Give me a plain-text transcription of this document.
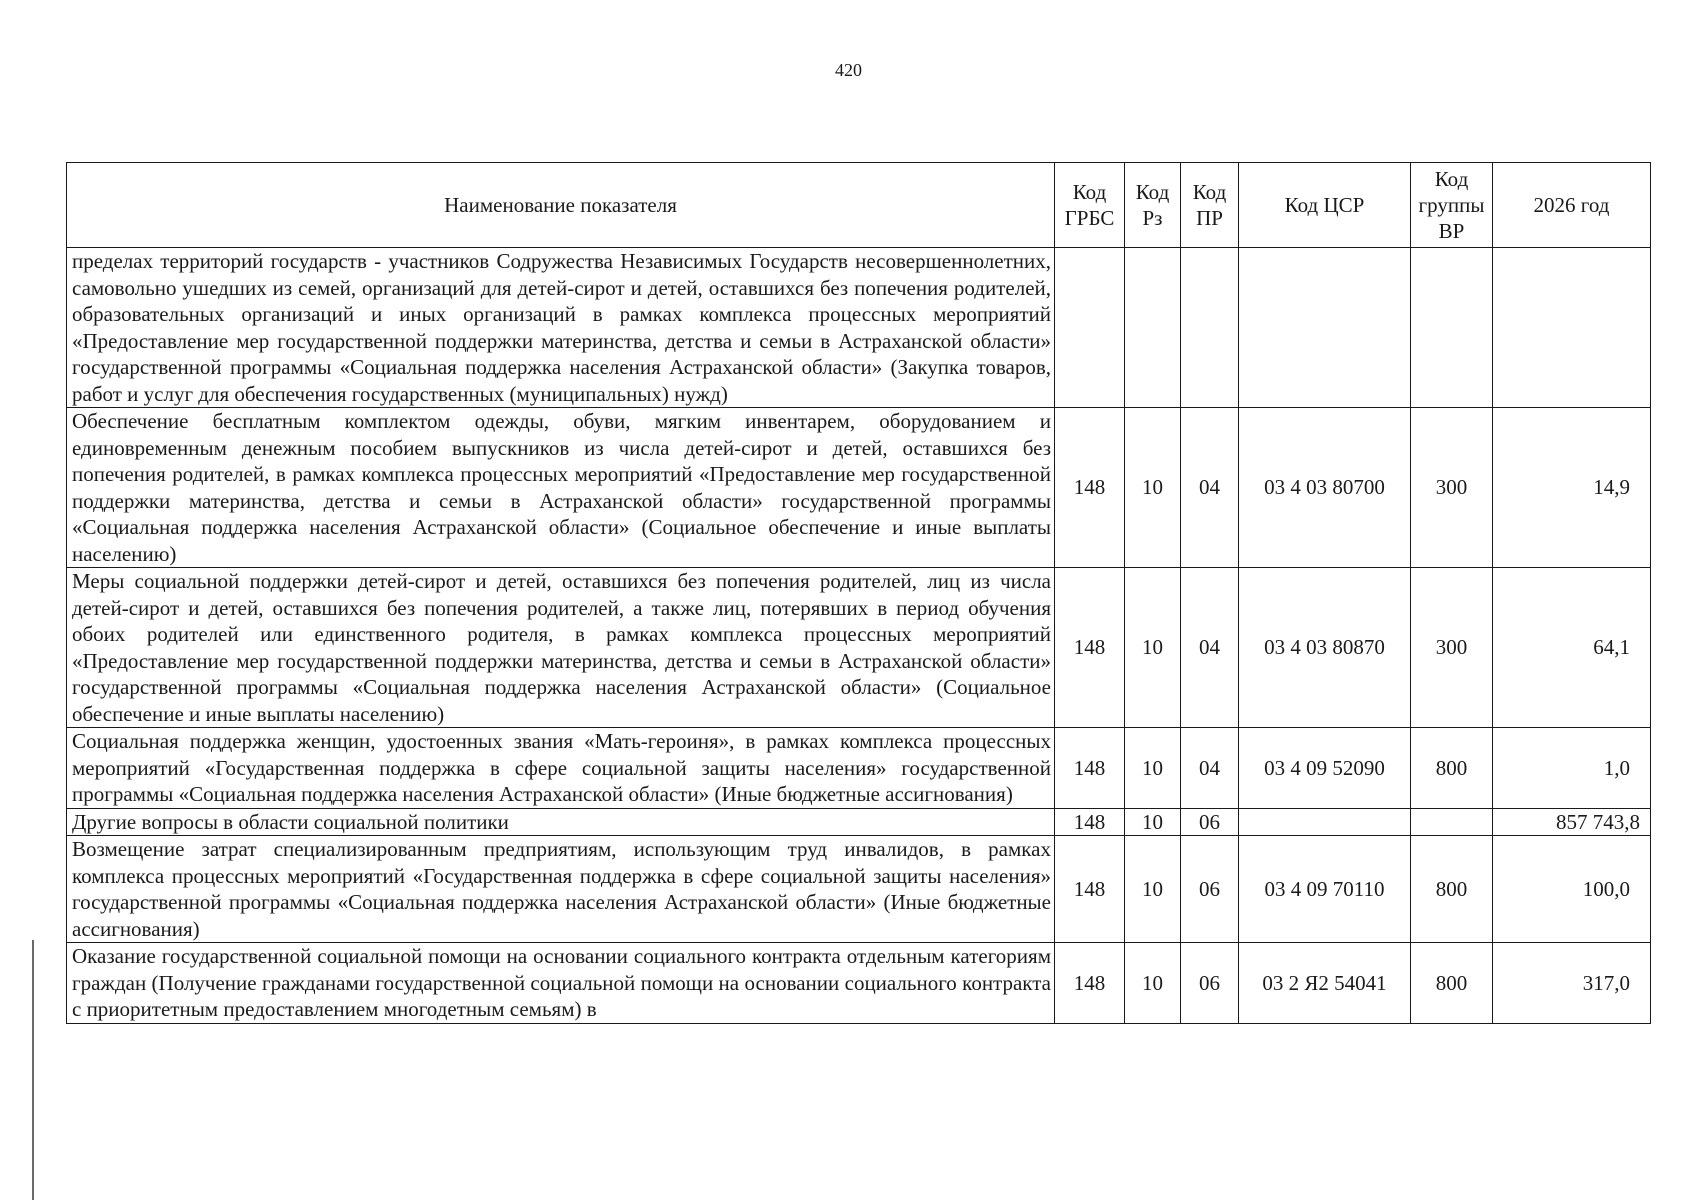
420
Наименование показателя	Код ГРБС	Код Рз	Код ПР	Код ЦСР	Код группы ВР	2026 год
пределах территорий государств - участников Содружества Независимых Государств несовершеннолетних, самовольно ушедших из семей, организаций для детей-сирот и детей, оставшихся без попечения родителей, образовательных организаций и иных организаций в рамках комплекса процессных мероприятий «Предоставление мер государственной поддержки материнства, детства и семьи в Астраханской области» государственной программы «Социальная поддержка населения Астраханской области» (Закупка товаров, работ и услуг для обеспечения государственных (муниципальных) нужд)						
Обеспечение бесплатным комплектом одежды, обуви, мягким инвентарем, оборудованием и единовременным денежным пособием выпускников из числа детей-сирот и детей, оставшихся без попечения родителей, в рамках комплекса процессных мероприятий «Предоставление мер государственной поддержки материнства, детства и семьи в Астраханской области» государственной программы «Социальная поддержка населения Астраханской области» (Социальное обеспечение и иные выплаты населению)	148	10	04	03 4 03 80700	300	14,9
Меры социальной поддержки детей-сирот и детей, оставшихся без попечения родителей, лиц из числа детей-сирот и детей, оставшихся без попечения родителей, а также лиц, потерявших в период обучения обоих родителей или единственного родителя, в рамках комплекса процессных мероприятий «Предоставление мер государственной поддержки материнства, детства и семьи в Астраханской области» государственной программы «Социальная поддержка населения Астраханской области» (Социальное обеспечение и иные выплаты населению)	148	10	04	03 4 03 80870	300	64,1
Социальная поддержка женщин, удостоенных звания «Мать-героиня», в рамках комплекса процессных мероприятий «Государственная поддержка в сфере социальной защиты населения» государственной программы «Социальная поддержка населения Астраханской области» (Иные бюджетные ассигнования)	148	10	04	03 4 09 52090	800	1,0
Другие вопросы в области социальной политики	148	10	06			857 743,8
Возмещение затрат специализированным предприятиям, использующим труд инвалидов, в рамках комплекса процессных мероприятий «Государственная поддержка в сфере социальной защиты населения» государственной программы «Социальная поддержка населения Астраханской области» (Иные бюджетные ассигнования)	148	10	06	03 4 09 70110	800	100,0
Оказание государственной социальной помощи на основании социального контракта отдельным категориям граждан (Получение гражданами государственной социальной помощи на основании социального контракта с приоритетным предоставлением многодетным семьям) в	148	10	06	03 2 Я2 54041	800	317,0
